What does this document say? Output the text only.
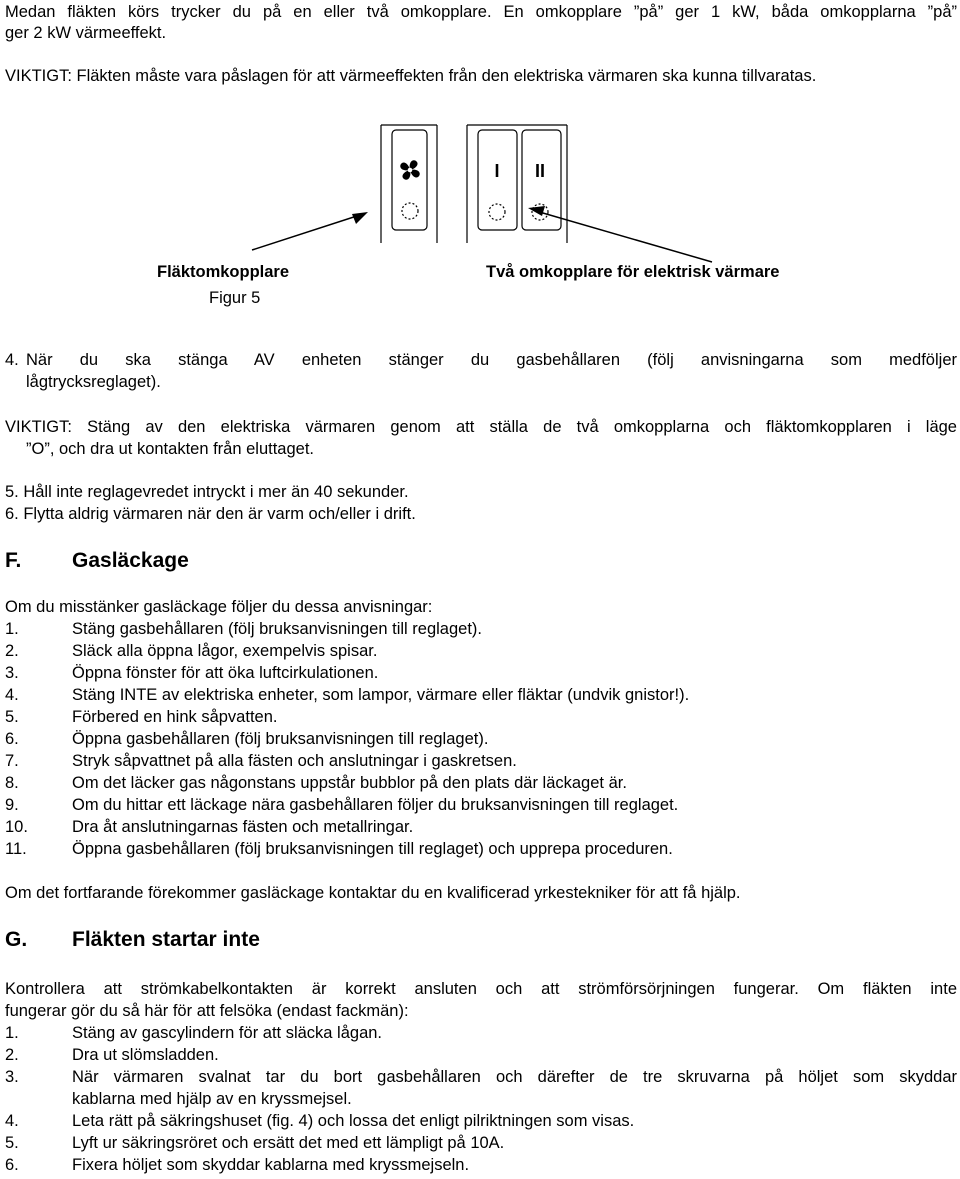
Medan fläkten körs trycker du på en eller två omkopplare. En omkopplare ”på” ger 1 kW, båda omkopplarna ”på”
ger 2 kW värmeeffekt.
VIKTIGT: Fläkten måste vara påslagen för att värmeeffekten från den elektriska värmaren ska kunna tillvaratas.
I II
Fläktomkopplare	Två omkopplare för elektrisk värmare
Figur 5
4. När du ska stänga AV enheten stänger du gasbehållaren (följ anvisningarna som medföljer
lågtrycksreglaget).
VIKTIGT: Stäng av den elektriska värmaren genom att ställa de två omkopplarna och fläktomkopplaren i läge
”O”, och dra ut kontakten från eluttaget.
5. Håll inte reglagevredet intryckt i mer än 40 sekunder.
6. Flytta aldrig värmaren när den är varm och/eller i drift.
F. Gasläckage
Om du misstänker gasläckage följer du dessa anvisningar:
1.	Stäng gasbehållaren (följ bruksanvisningen till reglaget).
2.	Släck alla öppna lågor, exempelvis spisar.
3.	Öppna fönster för att öka luftcirkulationen.
4.	Stäng INTE av elektriska enheter, som lampor, värmare eller fläktar (undvik gnistor!).
5.	Förbered en hink såpvatten.
6.	Öppna gasbehållaren (följ bruksanvisningen till reglaget).
7.	Stryk såpvattnet på alla fästen och anslutningar i gaskretsen.
8.	Om det läcker gas någonstans uppstår bubblor på den plats där läckaget är.
9.	Om du hittar ett läckage nära gasbehållaren följer du bruksanvisningen till reglaget.
10.	Dra åt anslutningarnas fästen och metallringar.
11.	Öppna gasbehållaren (följ bruksanvisningen till reglaget) och upprepa proceduren.
Om det fortfarande förekommer gasläckage kontaktar du en kvalificerad yrkestekniker för att få hjälp.
G. Fläkten startar inte
Kontrollera att strömkabelkontakten är korrekt ansluten och att strömförsörjningen fungerar. Om fläkten inte
fungerar gör du så här för att felsöka (endast fackmän):
1.	Stäng av gascylindern för att släcka lågan.
2.	Dra ut slömsladden.
3.	När värmaren svalnat tar du bort gasbehållaren och därefter de tre skruvarna på höljet som skyddar
kablarna med hjälp av en kryssmejsel.
4.	Leta rätt på säkringshuset (fig. 4) och lossa det enligt pilriktningen som visas.
5.	Lyft ur säkringsröret och ersätt det med ett lämpligt på 10A.
6.	Fixera höljet som skyddar kablarna med kryssmejseln.
